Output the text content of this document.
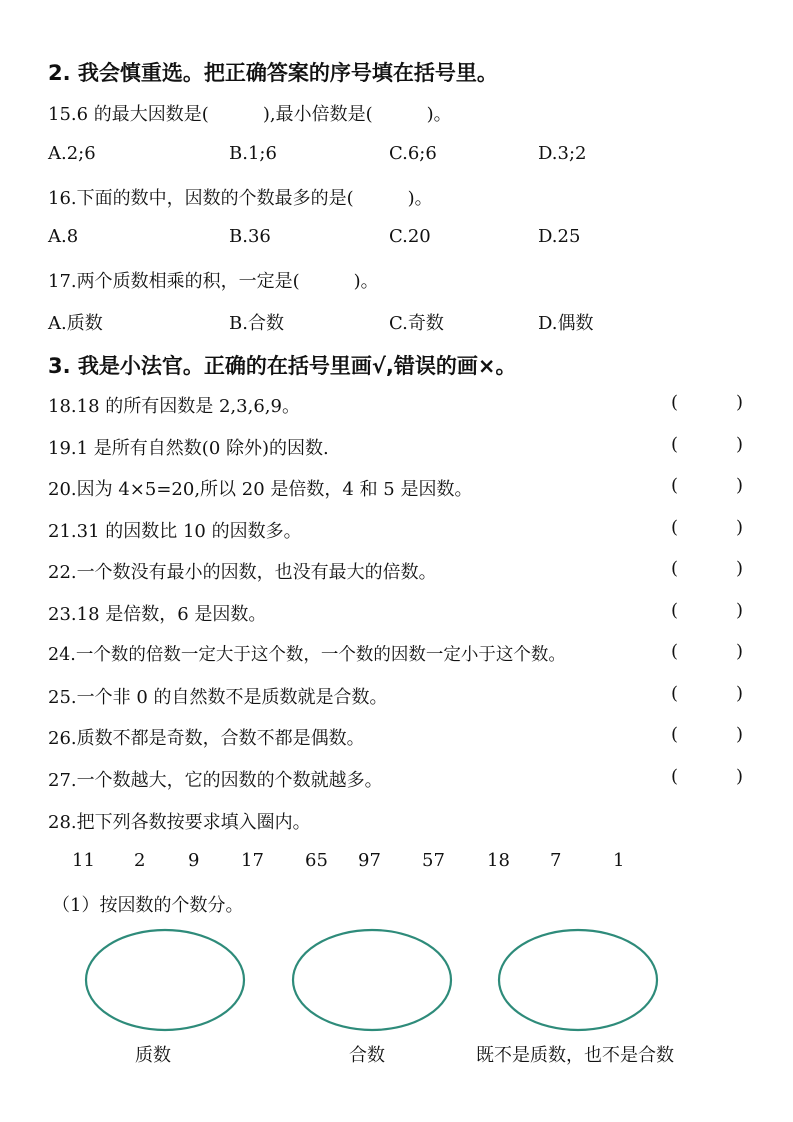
2. 我会慎重选。把正确答案的序号填在括号里。
15.6 的最大因数是(　　　),最小倍数是(　　　)。
A.2;6	B.1;6	C.6;6	D.3;2
16.下面的数中，因数的个数最多的是(　　　)。
A.8	B.36	C.20	D.25
17.两个质数相乘的积，一定是(　　　)。
A.质数	B.合数	C.奇数	D.偶数
3. 我是小法官。正确的在括号里画√,错误的画×。
18.18 的所有因数是 2,3,6,9。	(	)
19.1 是所有自然数(0 除外)的因数.	(	)
20.因为 4×5=20,所以 20 是倍数，4 和 5 是因数。	(	)
21.31 的因数比 10 的因数多。	(	)
22.一个数没有最小的因数，也没有最大的倍数。	(	)
23.18 是倍数，6 是因数。	(	)
24.一个数的倍数一定大于这个数，一个数的因数一定小于这个数。	(	)
25.一个非 0 的自然数不是质数就是合数。	(	)
26.质数不都是奇数，合数不都是偶数。	(	)
27.一个数越大，它的因数的个数就越多。	(	)
28.把下列各数按要求填入圈内。
11 2 9 17 65 97 57 18 7	1
（1）按因数的个数分。
质数	合数	既不是质数，也不是合数
